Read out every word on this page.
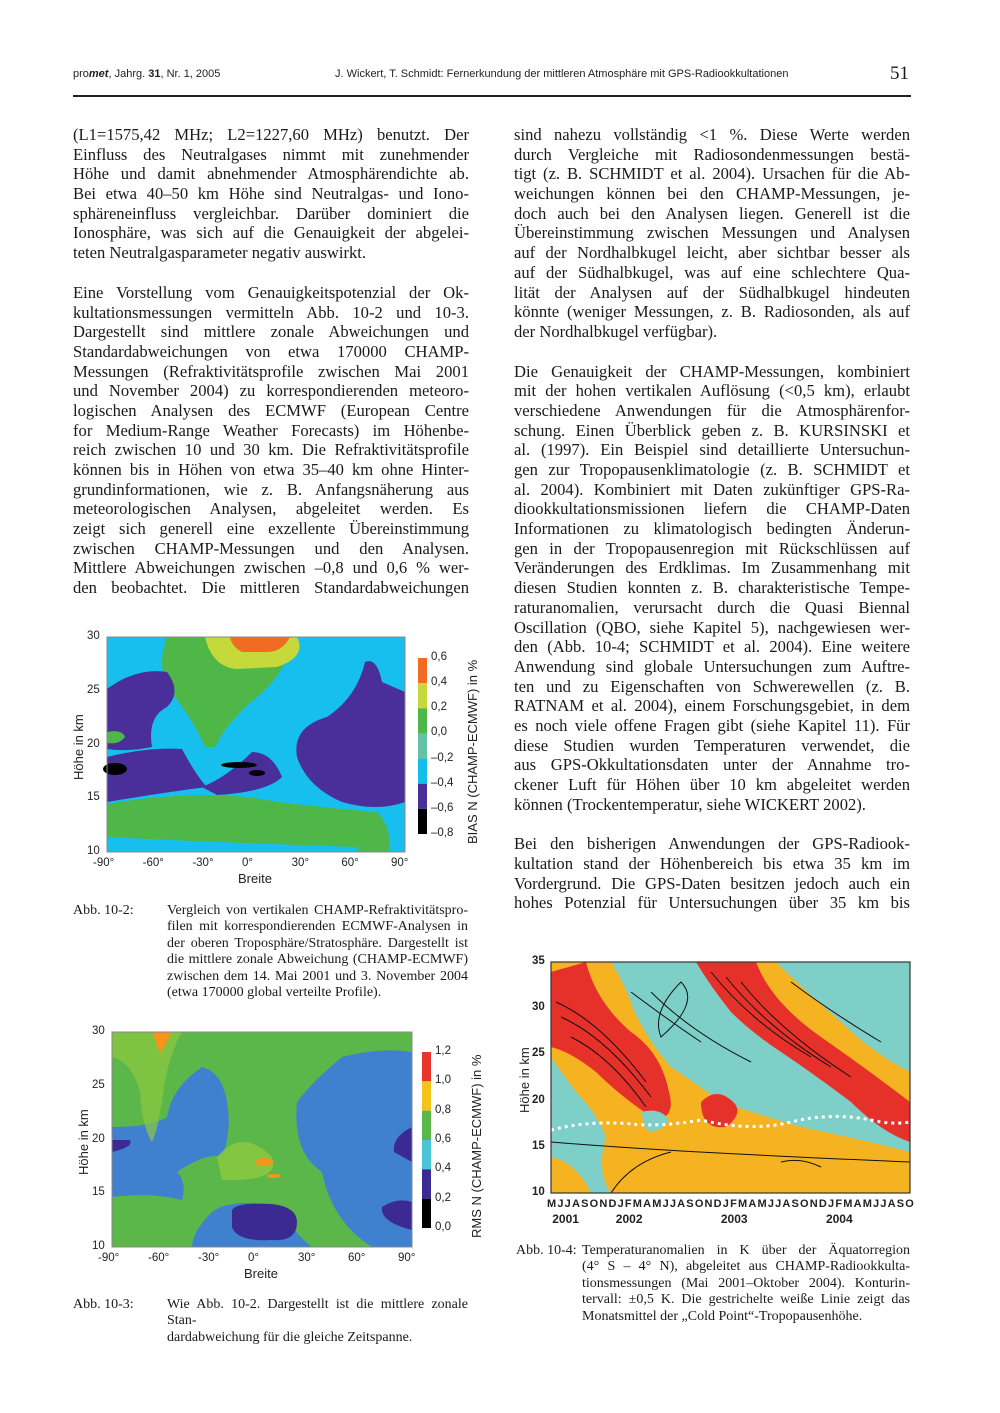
promet, Jahrg. 31, Nr. 1, 2005	J. Wickert, T. Schmidt: Fernerkundung der mittleren Atmosphäre mit GPS-Radiookkultationen	51
(L1=1575,42 MHz; L2=1227,60 MHz) benutzt. Der
Einfluss des Neutralgases nimmt mit zunehmender
Höhe und damit abnehmender Atmosphärendichte ab.
Bei etwa 40–50 km Höhe sind Neutralgas- und Iono-
sphäreneinfluss vergleichbar. Darüber dominiert die
Ionosphäre, was sich auf die Genauigkeit der abgelei-
teten Neutralgasparameter negativ auswirkt.
Eine Vorstellung vom Genauigkeitspotenzial der Ok-
kultationsmessungen vermitteln Abb. 10-2 und 10-3.
Dargestellt sind mittlere zonale Abweichungen und
Standardabweichungen von etwa 170000 CHAMP-
Messungen (Refraktivitätsprofile zwischen Mai 2001
und November 2004) zu korrespondierenden meteoro-
logischen Analysen des ECMWF (European Centre
for Medium-Range Weather Forecasts) im Höhenbe-
reich zwischen 10 und 30 km. Die Refraktivitätsprofile
können bis in Höhen von etwa 35–40 km ohne Hinter-
grundinformationen, wie z. B. Anfangsnäherung aus
meteorologischen Analysen, abgeleitet werden. Es
zeigt sich generell eine exzellente Übereinstimmung
zwischen CHAMP-Messungen und den Analysen.
Mittlere Abweichungen zwischen –0,8 und 0,6 % wer-
den beobachtet. Die mittleren Standardabweichungen
sind nahezu vollständig <1 %. Diese Werte werden
durch Vergleiche mit Radiosondenmessungen bestä-
tigt (z. B. SCHMIDT et al. 2004). Ursachen für die Ab-
weichungen können bei den CHAMP-Messungen, je-
doch auch bei den Analysen liegen. Generell ist die
Übereinstimmung zwischen Messungen und Analysen
auf der Nordhalbkugel leicht, aber sichtbar besser als
auf der Südhalbkugel, was auf eine schlechtere Qua-
lität der Analysen auf der Südhalbkugel hindeuten
könnte (weniger Messungen, z. B. Radiosonden, als auf
der Nordhalbkugel verfügbar).
Die Genauigkeit der CHAMP-Messungen, kombiniert
mit der hohen vertikalen Auflösung (<0,5 km), erlaubt
verschiedene Anwendungen für die Atmosphärenfor-
schung. Einen Überblick geben z. B. KURSINSKI et
al. (1997). Ein Beispiel sind detaillierte Untersuchun-
gen zur Tropopausenklimatologie (z. B. SCHMIDT et
al. 2004). Kombiniert mit Daten zukünftiger GPS-Ra-
diookkultationsmissionen liefern die CHAMP-Daten
Informationen zu klimatologisch bedingten Änderun-
gen in der Tropopausenregion mit Rückschlüssen auf
Veränderungen des Erdklimas. Im Zusammenhang mit
diesen Studien konnten z. B. charakteristische Tempe-
raturanomalien, verursacht durch die Quasi Biennal
Oscillation (QBO, siehe Kapitel 5), nachgewiesen wer-
den (Abb. 10-4; SCHMIDT et al. 2004). Eine weitere
Anwendung sind globale Untersuchungen zum Auftre-
ten und zu Eigenschaften von Schwerewellen (z. B.
RATNAM et al. 2004), einem Forschungsgebiet, in dem
es noch viele offene Fragen gibt (siehe Kapitel 11). Für
diese Studien wurden Temperaturen verwendet, die
aus GPS-Okkultationsdaten unter der Annahme tro-
ckener Luft für Höhen über 10 km abgeleitet werden
können (Trockentemperatur, siehe WICKERT 2002).
Bei den bisherigen Anwendungen der GPS-Radiook-
kultation stand der Höhenbereich bis etwa 35 km im
Vordergrund. Die GPS-Daten besitzen jedoch auch ein
hohes Potenzial für Untersuchungen über 35 km bis
10
15
20
25
30
-90° -60° -30° 0°	30°	60°	90°
Breite
Höhe in km
0,6
0,4
0,2
0,0
–0,2
–0,4
–0,6
–0,8 BIAS N (CHAMP-ECMWF) in %
10
15
20
25
30
-90°	-60°	-30°	0°	30°	60°	90°
Breite
Höhe in km
1,2
1,0
0,8
0,6
0,4
0,2
0,0 RMS N (CHAMP-ECMWF) in %	10
15
20
25
30
35
Höhe in km
M J J A S O N D J F M A M J J A S O N D J F M A M J J A S O N D J F M A M J J A S O
2001	2002	2003	2004
Abb. 10-2: Vergleich von vertikalen CHAMP-Refraktivitätspro-
filen mit korrespondierenden ECMWF-Analysen in
der oberen Troposphäre/Stratosphäre. Dargestellt ist
die mittlere zonale Abweichung (CHAMP-ECMWF)
zwischen dem 14. Mai 2001 und 3. November 2004
(etwa 170000 global verteilte Profile).
Abb. 10-3: Wie Abb. 10-2. Dargestellt ist die mittlere zonale Stan-
dardabweichung für die gleiche Zeitspanne.
Abb. 10-4: Temperaturanomalien in K über der Äquatorregion
(4° S – 4° N), abgeleitet aus CHAMP-Radiookkulta-
tionsmessungen (Mai 2001–Oktober 2004). Konturin-
tervall: ±0,5 K. Die gestrichelte weiße Linie zeigt das
Monatsmittel der „Cold Point“-Tropopausenhöhe.
